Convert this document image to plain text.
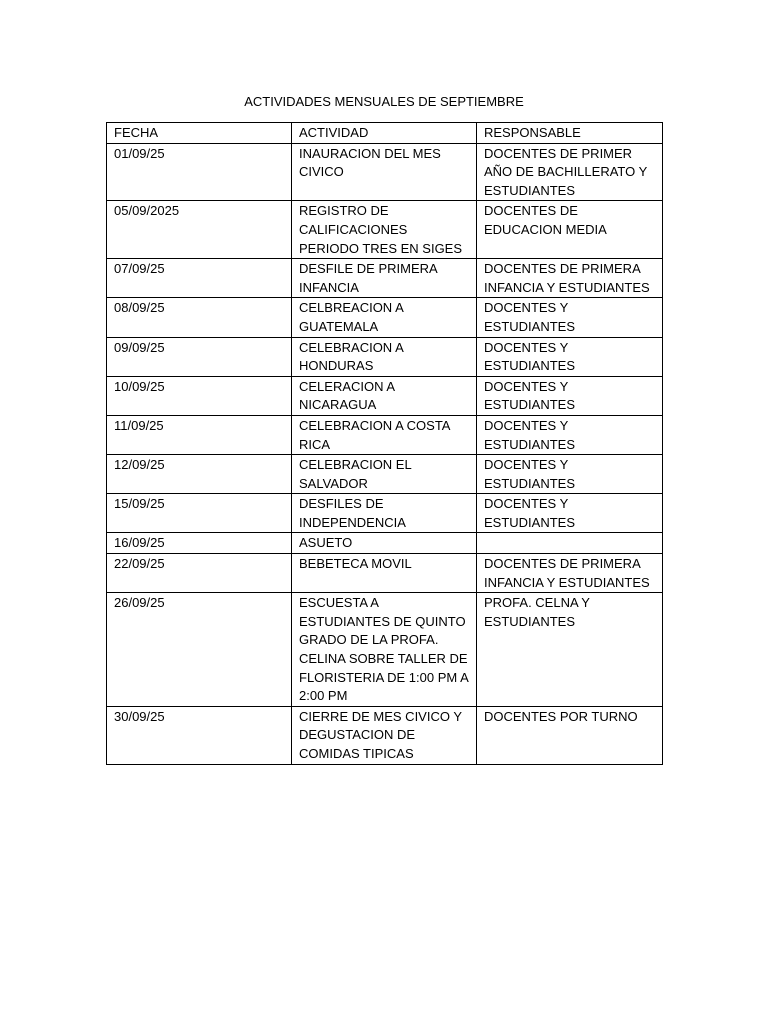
ACTIVIDADES MENSUALES DE SEPTIEMBRE
FECHA	ACTIVIDAD	RESPONSABLE
01/09/25	INAURACION DEL MES CIVICO	DOCENTES DE PRIMER AÑO DE BACHILLERATO Y ESTUDIANTES
05/09/2025	REGISTRO DE CALIFICACIONES PERIODO TRES EN SIGES	DOCENTES DE EDUCACION MEDIA
07/09/25	DESFILE DE PRIMERA INFANCIA	DOCENTES DE PRIMERA INFANCIA Y ESTUDIANTES
08/09/25	CELBREACION A GUATEMALA	DOCENTES Y ESTUDIANTES
09/09/25	CELEBRACION A HONDURAS	DOCENTES Y ESTUDIANTES
10/09/25	CELERACION A NICARAGUA	DOCENTES Y ESTUDIANTES
11/09/25	CELEBRACION A COSTA RICA	DOCENTES Y ESTUDIANTES
12/09/25	CELEBRACION EL SALVADOR	DOCENTES Y ESTUDIANTES
15/09/25	DESFILES DE INDEPENDENCIA	DOCENTES Y ESTUDIANTES
16/09/25	ASUETO	
22/09/25	BEBETECA MOVIL	DOCENTES DE PRIMERA INFANCIA Y ESTUDIANTES
26/09/25	ESCUESTA A ESTUDIANTES DE QUINTO GRADO DE LA PROFA. CELINA SOBRE TALLER DE FLORISTERIA DE 1:00 PM A 2:00 PM	PROFA. CELNA Y ESTUDIANTES
30/09/25	CIERRE DE MES CIVICO Y DEGUSTACION DE COMIDAS TIPICAS	DOCENTES POR TURNO
